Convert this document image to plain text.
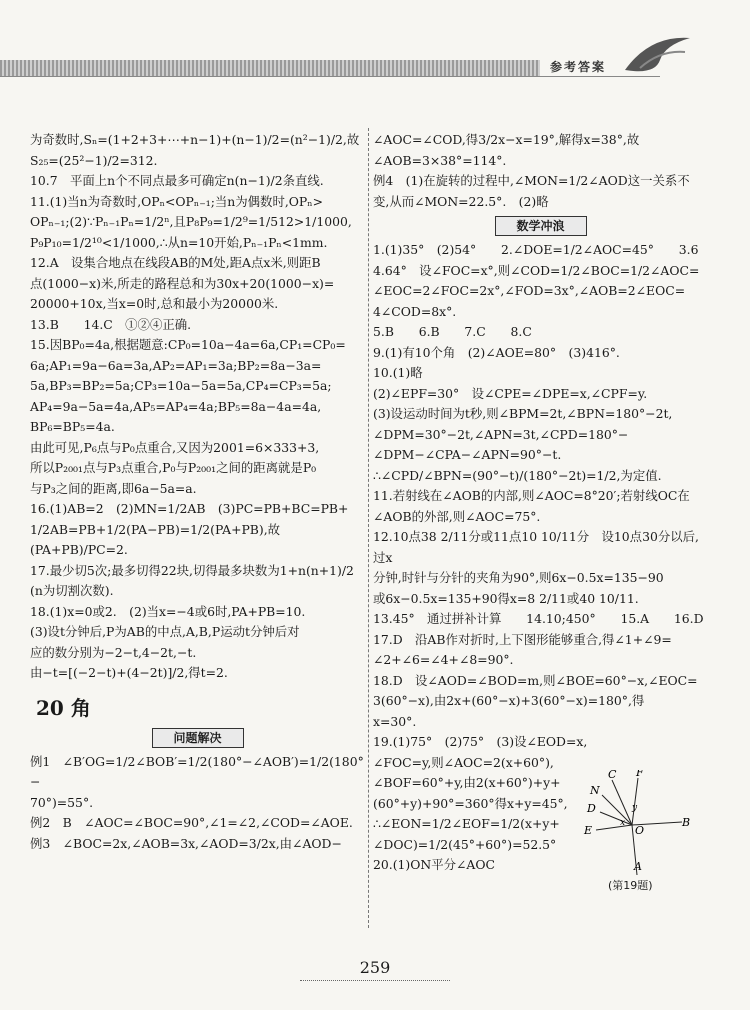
参考答案

为奇数时,Sₙ=(1+2+3+⋯+n−1)+(n−1)/2=(n²−1)/2,故

S₂₅=(25²−1)/2=312.

10.7　平面上n个不同点最多可确定n(n−1)/2条直线.

11.(1)当n为奇数时,OPₙ<OPₙ₋₁;当n为偶数时,OPₙ>

OPₙ₋₁;(2)∵Pₙ₋₁Pₙ=1/2ⁿ,且P₈P₉=1/2⁹=1/512>1/1000,

P₉P₁₀=1/2¹⁰<1/1000,∴从n=10开始,Pₙ₋₁Pₙ<1mm.

12.A　设集合地点在线段AB的M处,距A点x米,则距B

点(1000−x)米,所走的路程总和为30x+20(1000−x)=

20000+10x,当x=0时,总和最小为20000米.

13.B　　14.C　①②④正确.

15.因BP₀=4a,根据题意:CP₀=10a−4a=6a,CP₁=CP₀=

6a;AP₁=9a−6a=3a,AP₂=AP₁=3a;BP₂=8a−3a=

5a,BP₃=BP₂=5a;CP₃=10a−5a=5a,CP₄=CP₃=5a;

AP₄=9a−5a=4a,AP₅=AP₄=4a;BP₅=8a−4a=4a,

BP₆=BP₅=4a.

由此可见,P₆点与P₀点重合,又因为2001=6×333+3,

所以P₂₀₀₁点与P₃点重合,P₀与P₂₀₀₁之间的距离就是P₀

与P₃之间的距离,即6a−5a=a.

16.(1)AB=2　(2)MN=1/2AB　(3)PC=PB+BC=PB+

1/2AB=PB+1/2(PA−PB)=1/2(PA+PB),故(PA+PB)/PC=2.

17.最少切5次;最多切得22块,切得最多块数为1+n(n+1)/2

(n为切割次数).

18.(1)x=0或2.　(2)当x=−4或6时,PA+PB=10.

(3)设t分钟后,P为AB的中点,A,B,P运动t分钟后对

应的数分别为−2−t,4−2t,−t.

由−t=[(−2−t)+(4−2t)]/2,得t=2.

20 角
问题解决

例1　∠B′OG=1/2∠BOB′=1/2(180°−∠AOB′)=1/2(180°−

70°)=55°.

例2　B　∠AOC=∠BOC=90°,∠1=∠2,∠COD=∠AOE.

例3　∠BOC=2x,∠AOB=3x,∠AOD=3/2x,由∠AOD−

∠AOC=∠COD,得3/2x−x=19°,解得x=38°,故

∠AOB=3×38°=114°.

例4　(1)在旋转的过程中,∠MON=1/2∠AOD这一关系不

变,从而∠MON=22.5°.　(2)略

数学冲浪

1.(1)35°　(2)54°　　2.∠DOE=1/2∠AOC=45°　　3.6

4.64°　设∠FOC=x°,则∠COD=1/2∠BOC=1/2∠AOC=

∠EOC=2∠FOC=2x°,∠FOD=3x°,∠AOB=2∠EOC=

4∠COD=8x°.

5.B　　6.B　　7.C　　8.C

9.(1)有10个角　(2)∠AOE=80°　(3)416°.

10.(1)略

(2)∠EPF=30°　设∠CPE=∠DPE=x,∠CPF=y.

(3)设运动时间为t秒,则∠BPM=2t,∠BPN=180°−2t,

∠DPM=30°−2t,∠APN=3t,∠CPD=180°−

∠DPM−∠CPA−∠APN=90°−t.

∴∠CPD/∠BPN=(90°−t)/(180°−2t)=1/2,为定值.

11.若射线在∠AOB的内部,则∠AOC=8°20′;若射线OC在

∠AOB的外部,则∠AOC=75°.

12.10点38 2/11分或11点10 10/11分　设10点30分以后,过x

分钟,时针与分针的夹角为90°,则6x−0.5x=135−90

或6x−0.5x=135+90得x=8 2/11或40 10/11.

13.45°　通过拼补计算　　14.10;450°　　15.A　　16.D

17.D　沿AB作对折时,上下图形能够重合,得∠1+∠9=

∠2+∠6=∠4+∠8=90°.

18.D　设∠AOD=∠BOD=m,则∠BOE=60°−x,∠EOC=

3(60°−x),由2x+(60°−x)+3(60°−x)=180°,得

x=30°.

19.(1)75°　(2)75°　(3)设∠EOD=x,

∠FOC=y,则∠AOC=2(x+60°),

∠BOF=60°+y,由2(x+60°)+y+

(60°+y)+90°=360°得x+y=45°,

∴∠EON=1/2∠EOF=1/2(x+y+

∠DOC)=1/2(45°+60°)=52.5°

20.(1)ON平分∠AOC

C F
N
D
E	O
B
A
x
y
(第19题)
259
